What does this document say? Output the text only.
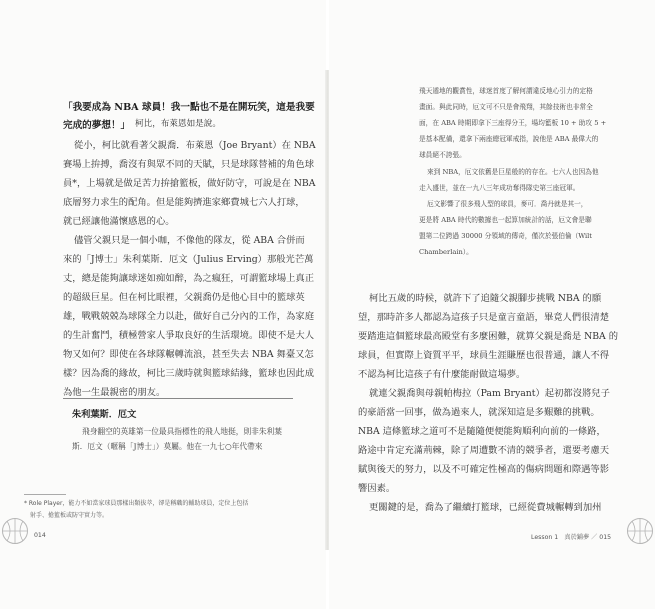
「我要成為 NBA 球員！我一點也不是在開玩笑，這是我要
完成的夢想！」 柯比，布萊恩如是說。
從小，柯比就看著父親喬．布萊恩（Joe Bryant）在 NBA
賽場上拚搏，喬沒有與眾不同的天賦，只是球隊替補的角色球
員*，上場就是做足苦力拚搶籃板，做好防守，可說是在 NBA
底層努力求生的配角。但是能夠擠進家鄉費城七六人打球，
就已經讓他滿懷感恩的心。
儘管父親只是一個小咖，不像他的隊友，從 ABA 合併而
來的「J博士」朱利葉斯．厄文（Julius Erving）那般光芒萬
丈，總是能夠讓球迷如痴如醉，為之瘋狂，可謂籃球場上真正
的超級巨星。但在柯比眼裡，父親喬仍是他心目中的籃球英
雄，戰戰兢兢為球隊全力以赴，做好自己分內的工作，為家庭
的生計奮鬥，積極營家人爭取良好的生活環境。即使不是大人
物又如何？即使在各球隊輾轉流浪，甚至失去 NBA 舞臺又怎
樣？因為喬的緣故，柯比三歲時就與籃球結緣，籃球也因此成
為他一生最親密的朋友。
朱利葉斯．厄文
飛身翻空的英雄第一位最具指標性的飛人地挺，則非朱利葉
斯．厄文（暱稱「J博士」）莫屬。他在一九七○年代帶來
* Role Player，能力不如當家球員那樣出類拔萃，卻是稱職的輔助球員，定位上包括
射手、搶籃板或防守實力等。
014
飛天遁地的觀賞性，球迷首度了解何謂違反地心引力的定格
畫面。與此同時，厄文可不只是會飛翔，其餘技術也非常全
面，在 ABA 時期即拿下三座得分王，場均籃板 10 + 助攻 5 +
是基本配備，還拿下兩座總冠軍戒指，說他是 ABA 最偉大的
球員絕不誇張。
來到 NBA，厄文依舊是巨星般的的存在。七六人也因為他
走入盛世，並在一九八三年成功奪得隊史第三座冠軍。
厄文影響了很多飛人型的球員，麥可．喬丹就是其一，
更是將 ABA 時代的數據也一起算加統計的話，厄文會是聯
盟第二位跨過 30000 分領域的傳奇，僅次於張伯倫（Wilt
Chamberlain）。
柯比五歲的時候，就許下了追隨父親腳步挑戰 NBA 的願
望，那時許多人都認為這孩子只是童言童語，畢竟人們很清楚
要踏進這個籃球最高殿堂有多麼困難，就算父親是喬是 NBA 的
球員，但實際上資質平平，球員生涯賺歷也很普通，讓人不得
不認為柯比這孩子有什麼能耐做這場夢。
就連父親喬與母親帕梅拉（Pam Bryant）起初都沒將兒子
的豪語當一回事，做為過來人，就深知這是多艱難的挑戰。
NBA 這條籃球之道可不是隨隨便便能夠順利向前的一條路，
路途中肯定充滿荊棘，除了周遭數不清的競爭者，還要考慮天
賦與後天的努力，以及不可確定性極高的傷病問題和際遇等影
響因素。
更關鍵的是，喬為了繼續打籃球，已經從費城輾轉到加州
Lesson 1　真於鋪夢 ／ 015
